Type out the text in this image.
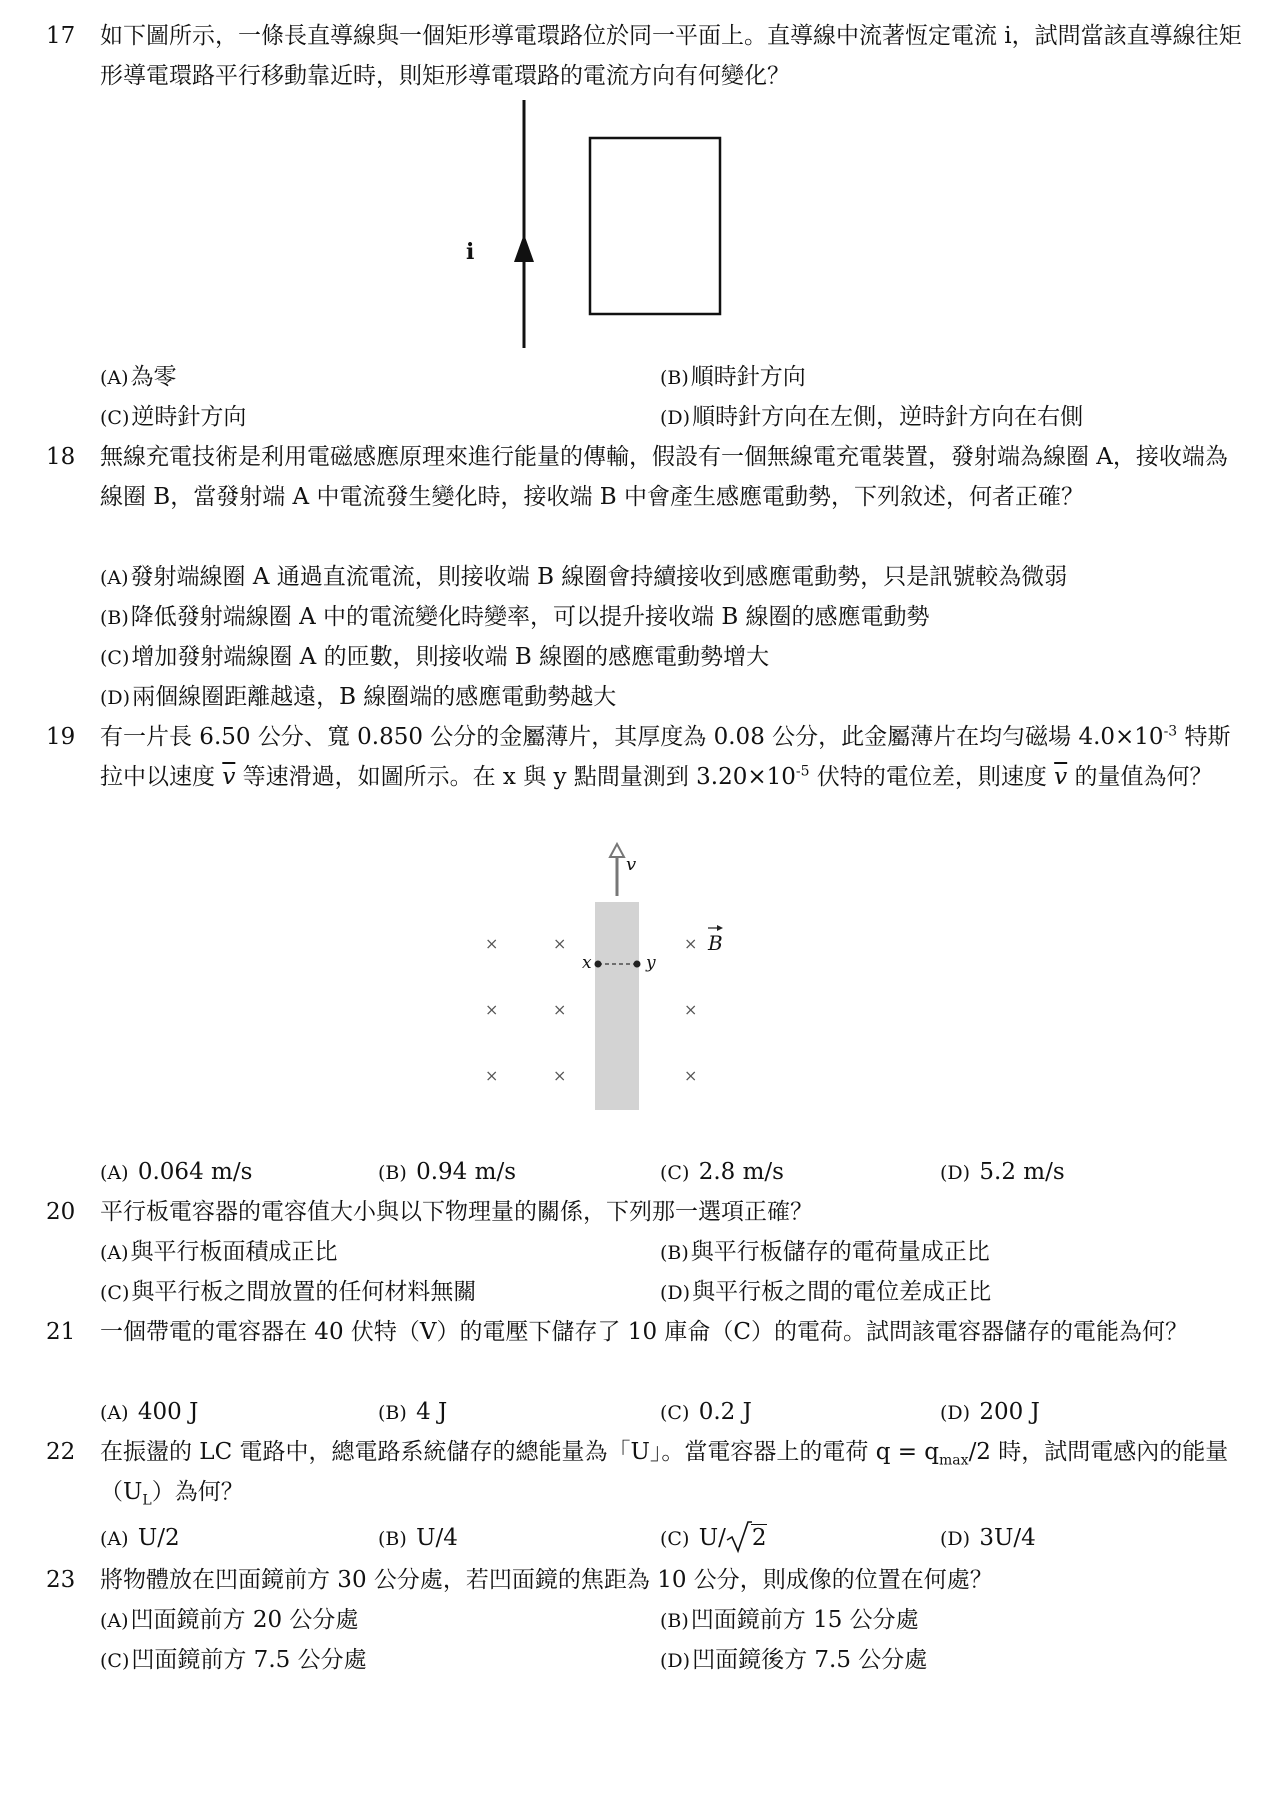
17 如下圖所示，一條長直導線與一個矩形導電環路位於同一平面上。直導線中流著恆定電流 i，試問當該直導線往矩形導電環路平行移動靠近時，則矩形導電環路的電流方向有何變化？

i
(A)為零	(B)順時針方向
(C)逆時針方向	(D)順時針方向在左側，逆時針方向在右側
18 無線充電技術是利用電磁感應原理來進行能量的傳輸，假設有一個無線電充電裝置，發射端為線圈 A，接收端為線圈 B，當發射端 A 中電流發生變化時，接收端 B 中會產生感應電動勢，下列敘述，何者正確？

(A)發射端線圈 A 通過直流電流，則接收端 B 線圈會持續接收到感應電動勢，只是訊號較為微弱
(B)降低發射端線圈 A 中的電流變化時變率，可以提升接收端 B 線圈的感應電動勢
(C)增加發射端線圈 A 的匝數，則接收端 B 線圈的感應電動勢增大
(D)兩個線圈距離越遠，B 線圈端的感應電動勢越大
19 有一片長 6.50 公分、寬 0.850 公分的金屬薄片，其厚度為 0.08 公分，此金屬薄片在均勻磁場 $4.0\times 10^{-3}$ 特斯拉中以速度 $\overline{v}$ 等速滑過，如圖所示。在 x 與 y 點間量測到 $3.20\times 10^{-5}$ 伏特的電位差，則速度 $\overline{v}$ 的量值為何？

v
B
x	y
×	×	×
×	×	×
×	×	×
(A) 0.064 m/s	(B) 0.94 m/s	(C) 2.8 m/s	(D) 5.2 m/s
20 平行板電容器的電容值大小與以下物理量的關係，下列那一選項正確？

(A)與平行板面積成正比	(B)與平行板儲存的電荷量成正比
(C)與平行板之間放置的任何材料無關	(D)與平行板之間的電位差成正比
21 一個帶電的電容器在 40 伏特（V）的電壓下儲存了 10 庫侖（C）的電荷。試問該電容器儲存的電能為何？

(A) 400 J	(B) 4 J	(C) 0.2 J	(D) 200 J
22 在振盪的 LC 電路中，總電路系統儲存的總能量為「U」。當電容器上的電荷 $q = q_{max}/2$ 時，試問電感內的能量$(U_L)$為何？

(A) U/2	(B) U/4	(C) U/ 2	(D) 3U/4
23 將物體放在凹面鏡前方 30 公分處，若凹面鏡的焦距為 10 公分，則成像的位置在何處？

(A)凹面鏡前方 20 公分處	(B)凹面鏡前方 15 公分處
(C)凹面鏡前方 7.5 公分處	(D)凹面鏡後方 7.5 公分處
